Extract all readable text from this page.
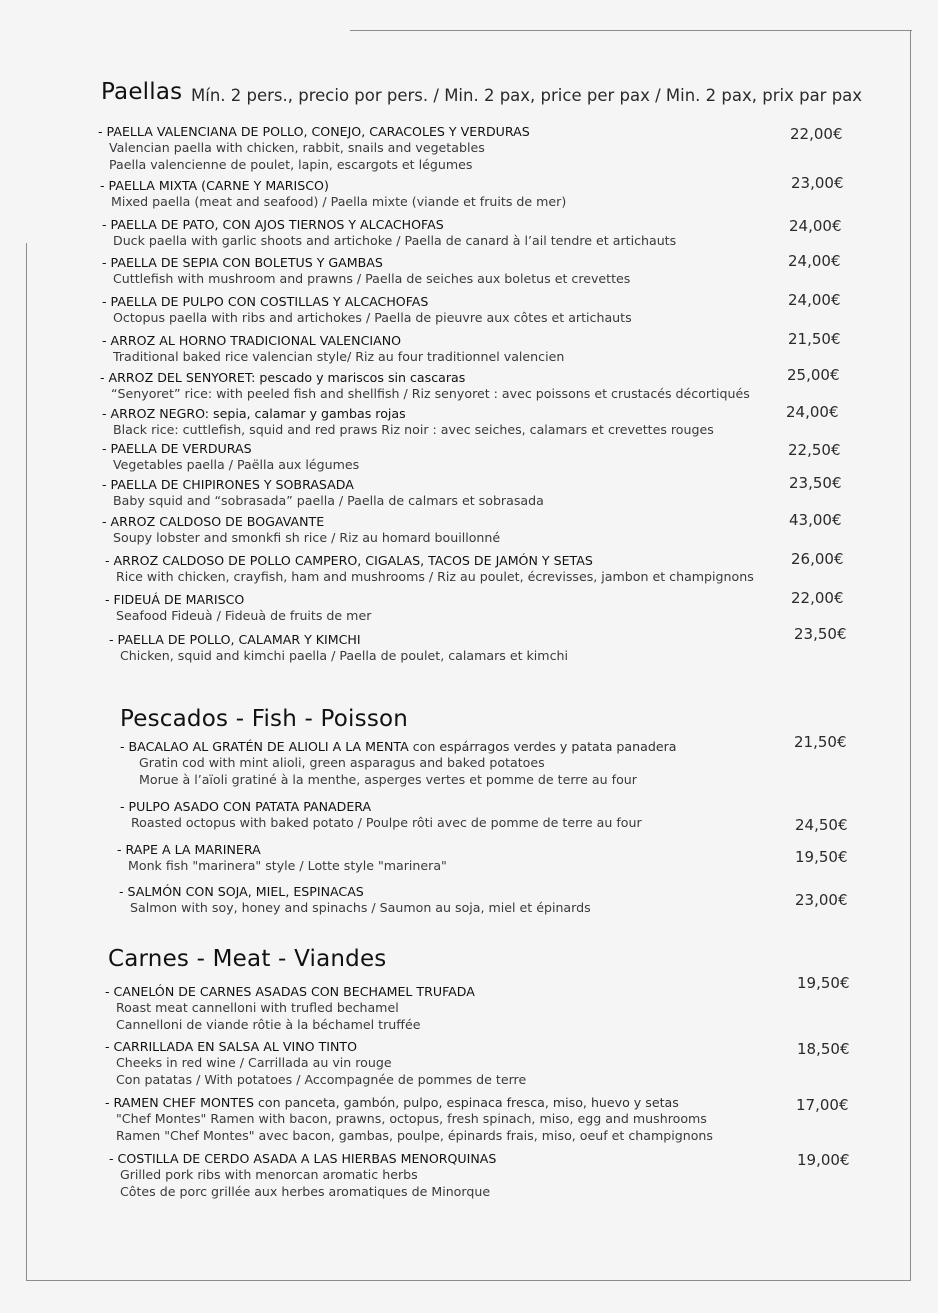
Paellas Mín. 2 pers., precio por pers. / Min. 2 pax, price per pax / Min. 2 pax, prix par pax
- PAELLA VALENCIANA DE POLLO, CONEJO, CARACOLES Y VERDURAS
Valencian paella with chicken, rabbit, snails and vegetables
Paella valencienne de poulet, lapin, escargots et légumes
22,00€
- PAELLA MIXTA (CARNE Y MARISCO)
Mixed paella (meat and seafood) / Paella mixte (viande et fruits de mer)
23,00€
- PAELLA DE PATO, CON AJOS TIERNOS Y ALCACHOFAS
Duck paella with garlic shoots and artichoke / Paella de canard à l’ail tendre et artichauts
24,00€
- PAELLA DE SEPIA CON BOLETUS Y GAMBAS
Cuttlefish with mushroom and prawns / Paella de seiches aux boletus et crevettes
24,00€
- PAELLA DE PULPO CON COSTILLAS Y ALCACHOFAS
Octopus paella with ribs and artichokes / Paella de pieuvre aux côtes et artichauts
24,00€
- ARROZ AL HORNO TRADICIONAL VALENCIANO
Traditional baked rice valencian style/ Riz au four traditionnel valencien
21,50€
- ARROZ DEL SENYORET: pescado y mariscos sin cascaras
“Senyoret” rice: with peeled fish and shellfish / Riz senyoret : avec poissons et crustacés décortiqués
25,00€
- ARROZ NEGRO: sepia, calamar y gambas rojas
Black rice: cuttlefish, squid and red praws Riz noir : avec seiches, calamars et crevettes rouges
24,00€
- PAELLA DE VERDURAS
Vegetables paella / Paëlla aux légumes
22,50€
- PAELLA DE CHIPIRONES Y SOBRASADA
Baby squid and “sobrasada” paella / Paella de calmars et sobrasada
23,50€
- ARROZ CALDOSO DE BOGAVANTE
Soupy lobster and smonkfi sh rice / Riz au homard bouillonné
43,00€
- ARROZ CALDOSO DE POLLO CAMPERO, CIGALAS, TACOS DE JAMÓN Y SETAS
Rice with chicken, crayfish, ham and mushrooms / Riz au poulet, écrevisses, jambon et champignons
26,00€
- FIDEUÁ DE MARISCO
Seafood Fideuà / Fideuà de fruits de mer
22,00€
- PAELLA DE POLLO, CALAMAR Y KIMCHI
Chicken, squid and kimchi paella / Paella de poulet, calamars et kimchi
23,50€
Pescados - Fish - Poisson
- BACALAO AL GRATÉN DE ALIOLI A LA MENTA con espárragos verdes y patata panadera
Gratin cod with mint alioli, green asparagus and baked potatoes
Morue à l’aïoli gratiné à la menthe, asperges vertes et pomme de terre au four
21,50€
- PULPO ASADO CON PATATA PANADERA
Roasted octopus with baked potato / Poulpe rôti avec de pomme de terre au four	24,50€
- RAPE A LA MARINERA
Monk fish "marinera" style / Lotte style "marinera"	19,50€
- SALMÓN CON SOJA, MIEL, ESPINACAS
Salmon with soy, honey and spinachs / Saumon au soja, miel et épinards	23,00€
Carnes - Meat - Viandes
- CANELÓN DE CARNES ASADAS CON BECHAMEL TRUFADA
Roast meat cannelloni with trufled bechamel
Cannelloni de viande rôtie à la béchamel truffée
19,50€
- CARRILLADA EN SALSA AL VINO TINTO
Cheeks in red wine / Carrillada au vin rouge
Con patatas / With potatoes / Accompagnée de pommes de terre
18,50€
- RAMEN CHEF MONTES con panceta, gambón, pulpo, espinaca fresca, miso, huevo y setas
"Chef Montes" Ramen with bacon, prawns, octopus, fresh spinach, miso, egg and mushrooms
Ramen "Chef Montes" avec bacon, gambas, poulpe, épinards frais, miso, oeuf et champignons
17,00€
- COSTILLA DE CERDO ASADA A LAS HIERBAS MENORQUINAS
Grilled pork ribs with menorcan aromatic herbs
Côtes de porc grillée aux herbes aromatiques de Minorque
19,00€
